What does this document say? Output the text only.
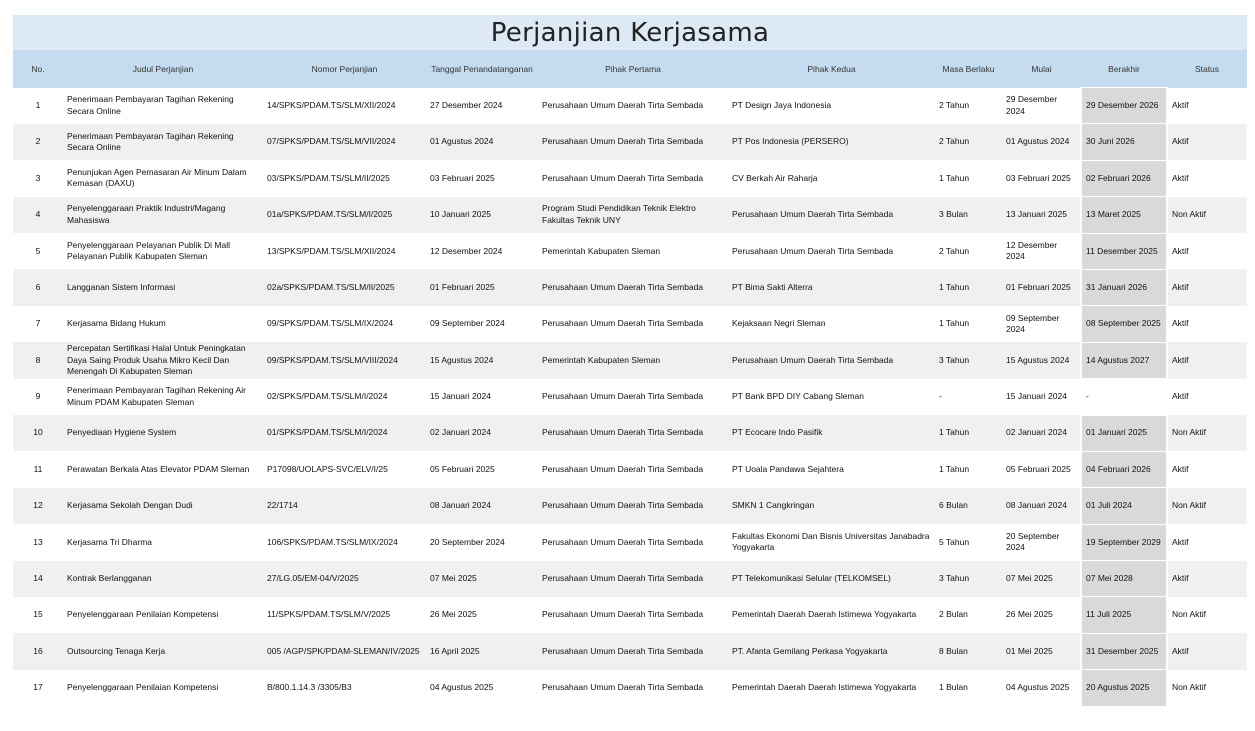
Perjanjian Kerjasama
No.	Judul Perjanjian	Nomor Perjanjian	Tanggal Penandatanganan	Pihak Pertama	Pihak Kedua	Masa Berlaku	Mulai	Berakhir	Status
1	Penerimaan Pembayaran Tagihan Rekening Secara Online	14/SPKS/PDAM.TS/SLM/XII/2024	27 Desember 2024	Perusahaan Umum Daerah Tirta Sembada	PT Design Jaya Indonesia	2 Tahun	29 Desember 2024	29 Desember 2026	Aktif
2	Penerimaan Pembayaran Tagihan Rekening Secara Online	07/SPKS/PDAM.TS/SLM/VII/2024	01 Agustus 2024	Perusahaan Umum Daerah Tirta Sembada	PT Pos Indonesia (PERSERO)	2 Tahun	01 Agustus 2024	30 Juni 2026	Aktif
3	Penunjukan Agen Pemasaran Air Minum Dalam Kemasan (DAXU)	03/SPKS/PDAM.TS/SLM/II/2025	03 Februari 2025	Perusahaan Umum Daerah Tirta Sembada	CV Berkah Air Raharja	1 Tahun	03 Februari 2025	02 Februari 2026	Aktif
4	Penyelenggaraan Praktik Industri/Magang Mahasiswa	01a/SPKS/PDAM.TS/SLM/I/2025	10 Januari 2025	Program Studi Pendidikan Teknik Elektro Fakultas Teknik UNY	Perusahaan Umum Daerah Tirta Sembada	3 Bulan	13 Januari 2025	13 Maret 2025	Non Aktif
5	Penyelenggaraan Pelayanan Publik Di Mall Pelayanan Publik Kabupaten Sleman	13/SPKS/PDAM.TS/SLM/XII/2024	12 Desember 2024	Pemerintah Kabupaten Sleman	Perusahaan Umum Daerah Tirta Sembada	2 Tahun	12 Desember 2024	11 Desember 2025	Aktif
6	Langganan Sistem Informasi	02a/SPKS/PDAM.TS/SLM/II/2025	01 Februari 2025	Perusahaan Umum Daerah Tirta Sembada	PT Bima Sakti Alterra	1 Tahun	01 Februari 2025	31 Januari 2026	Aktif
7	Kerjasama Bidang Hukum	09/SPKS/PDAM.TS/SLM/IX/2024	09 September 2024	Perusahaan Umum Daerah Tirta Sembada	Kejaksaan Negri Sleman	1 Tahun	09 September 2024	08 September 2025	Aktif
8	Percepatan Sertifikasi Halal Untuk Peningkatan Daya Saing Produk Usaha Mikro Kecil Dan Menengah Di Kabupaten Sleman	09/SPKS/PDAM.TS/SLM/VIII/2024	15 Agustus 2024	Pemerintah Kabupaten Sleman	Perusahaan Umum Daerah Tirta Sembada	3 Tahun	15 Agustus 2024	14 Agustus 2027	Aktif
9	Penerimaan Pembayaran Tagihan Rekening Air Minum PDAM Kabupaten Sleman	02/SPKS/PDAM.TS/SLM/I/2024	15 Januari 2024	Perusahaan Umum Daerah Tirta Sembada	PT Bank BPD DIY Cabang Sleman	-	15 Januari 2024	-	Aktif
10	Penyediaan Hygiene System	01/SPKS/PDAM.TS/SLM/I/2024	02 Januari 2024	Perusahaan Umum Daerah Tirta Sembada	PT Ecocare Indo Pasifik	1 Tahun	02 Januari 2024	01 Januari 2025	Non Aktif
11	Perawatan Berkala Atas Elevator PDAM Sleman	P17098/UOLAPS-SVC/ELV/I/25	05 Februari 2025	Perusahaan Umum Daerah Tirta Sembada	PT Uoala Pandawa Sejahtera	1 Tahun	05 Februari 2025	04 Februari 2026	Aktif
12	Kerjasama Sekolah Dengan Dudi	22/1714	08 Januari 2024	Perusahaan Umum Daerah Tirta Sembada	SMKN 1 Cangkringan	6 Bulan	08 Januari 2024	01 Juli 2024	Non Aktif
13	Kerjasama Tri Dharma	106/SPKS/PDAM.TS/SLM/IX/2024	20 September 2024	Perusahaan Umum Daerah Tirta Sembada	Fakultas Ekonomi Dan Bisnis Universitas Janabadra Yogyakarta	5 Tahun	20 September 2024	19 September 2029	Aktif
14	Kontrak Berlangganan	27/LG.05/EM-04/V/2025	07 Mei 2025	Perusahaan Umum Daerah Tirta Sembada	PT Telekomunikasi Selular (TELKOMSEL)	3 Tahun	07 Mei 2025	07 Mei 2028	Aktif
15	Penyelenggaraan Penilaian Kompetensi	11/SPKS/PDAM.TS/SLM/V/2025	26 Mei 2025	Perusahaan Umum Daerah Tirta Sembada	Pemerintah Daerah Daerah Istimewa Yogyakarta	2 Bulan	26 Mei 2025	11 Juli 2025	Non Aktif
16	Outsourcing Tenaga Kerja	005 /AGP/SPK/PDAM-SLEMAN/IV/2025	16 April 2025	Perusahaan Umum Daerah Tirta Sembada	PT. Afanta Gemilang Perkasa Yogyakarta	8 Bulan	01 Mei 2025	31 Desember 2025	Aktif
17	Penyelenggaraan Penilaian Kompetensi	B/800.1.14.3 /3305/B3	04 Agustus 2025	Perusahaan Umum Daerah Tirta Sembada	Pemerintah Daerah Daerah Istimewa Yogyakarta	1 Bulan	04 Agustus 2025	20 Agustus 2025	Non Aktif
